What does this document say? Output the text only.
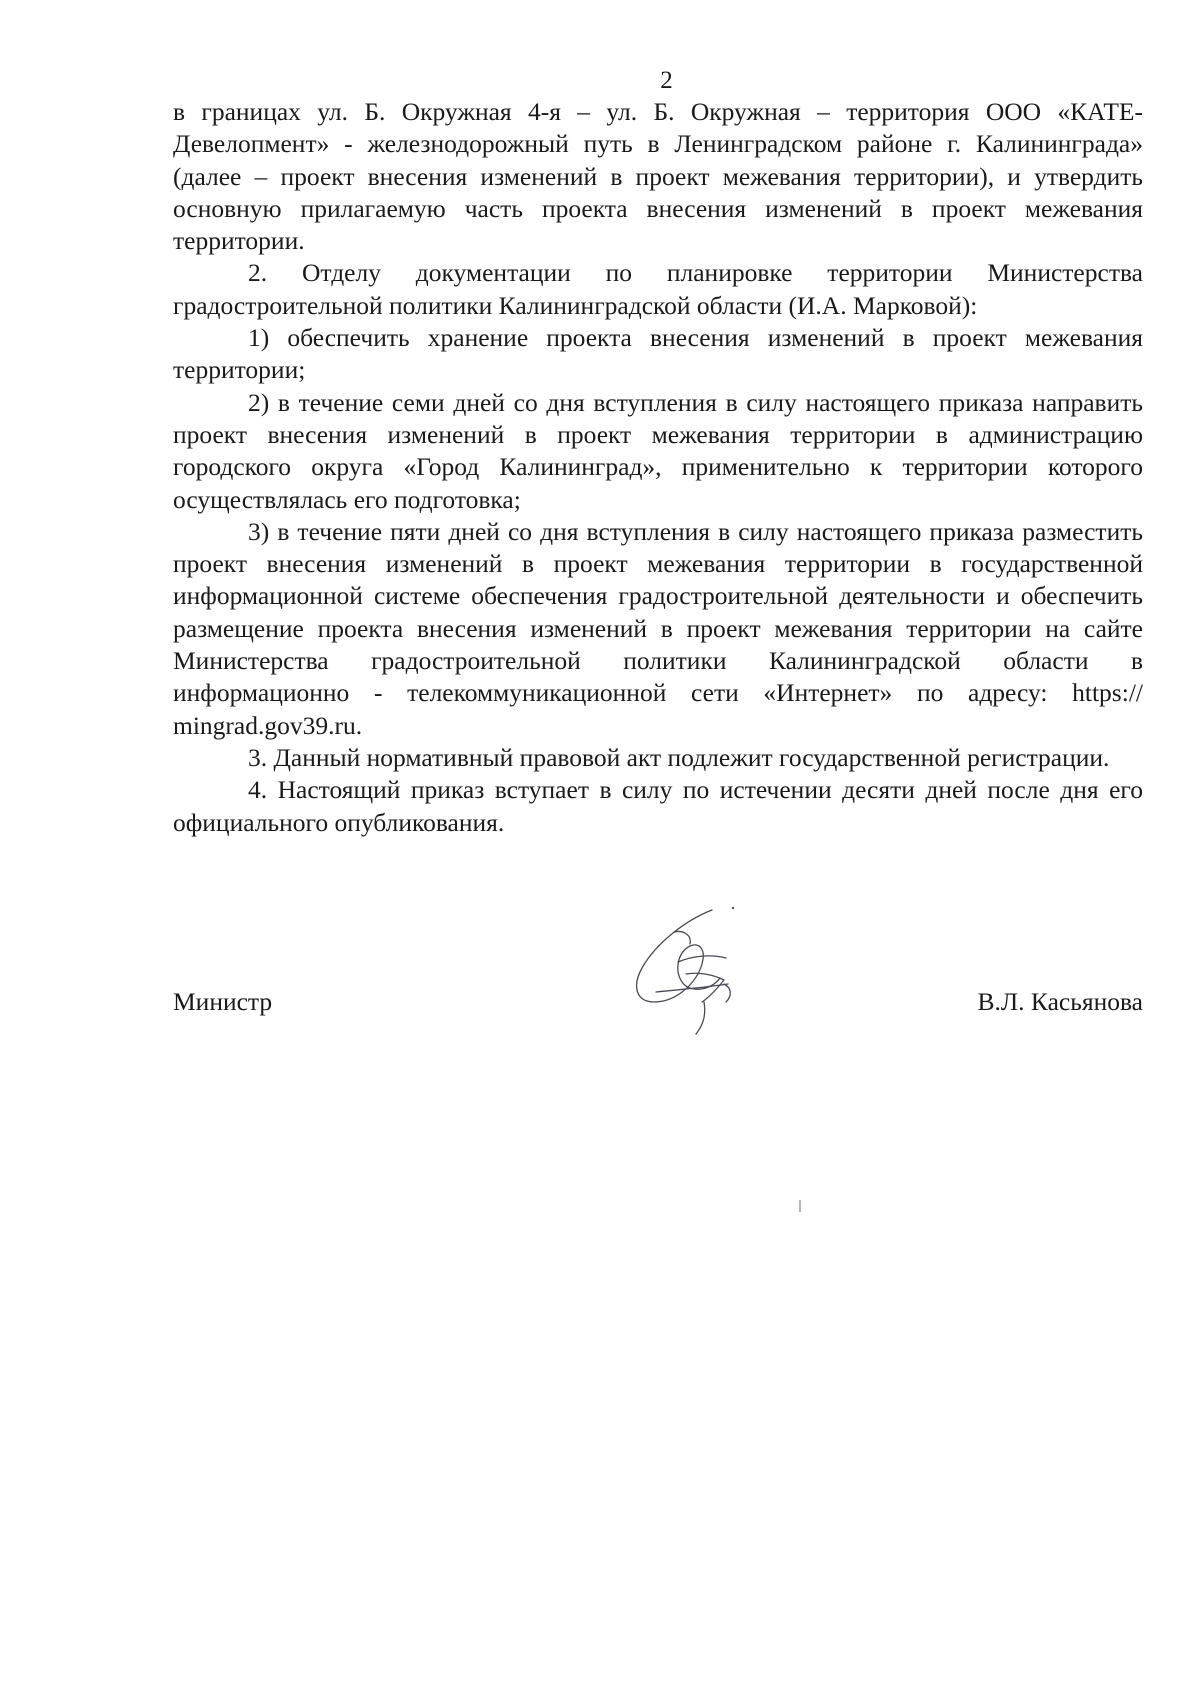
2

в границах ул. Б. Окружная 4-я – ул. Б. Окружная – территория ООО «КАТЕ-Девелопмент» - железнодорожный путь в Ленинградском районе г. Калининграда» (далее – проект внесения изменений в проект межевания территории), и утвердить основную прилагаемую часть проекта внесения изменений в проект межевания территории.

2. Отделу документации по планировке территории Министерства градостроительной политики Калининградской области (И.А. Марковой):

1) обеспечить хранение проекта внесения изменений в проект межевания территории;

2) в течение семи дней со дня вступления в силу настоящего приказа направить проект внесения изменений в проект межевания территории в администрацию городского округа «Город Калининград», применительно к территории которого осуществлялась его подготовка;

3) в течение пяти дней со дня вступления в силу настоящего приказа разместить проект внесения изменений в проект межевания территории в государственной информационной системе обеспечения градостроительной деятельности и обеспечить размещение проекта внесения изменений в проект межевания территории на сайте Министерства градостроительной политики Калининградской области в информационно - телекоммуникационной сети «Интернет» по адресу: https:// mingrad.gov39.ru.

3. Данный нормативный правовой акт подлежит государственной регистрации.

4. Настоящий приказ вступает в силу по истечении десяти дней после дня его официального опубликования.

Министр	В.Л. Касьянова
